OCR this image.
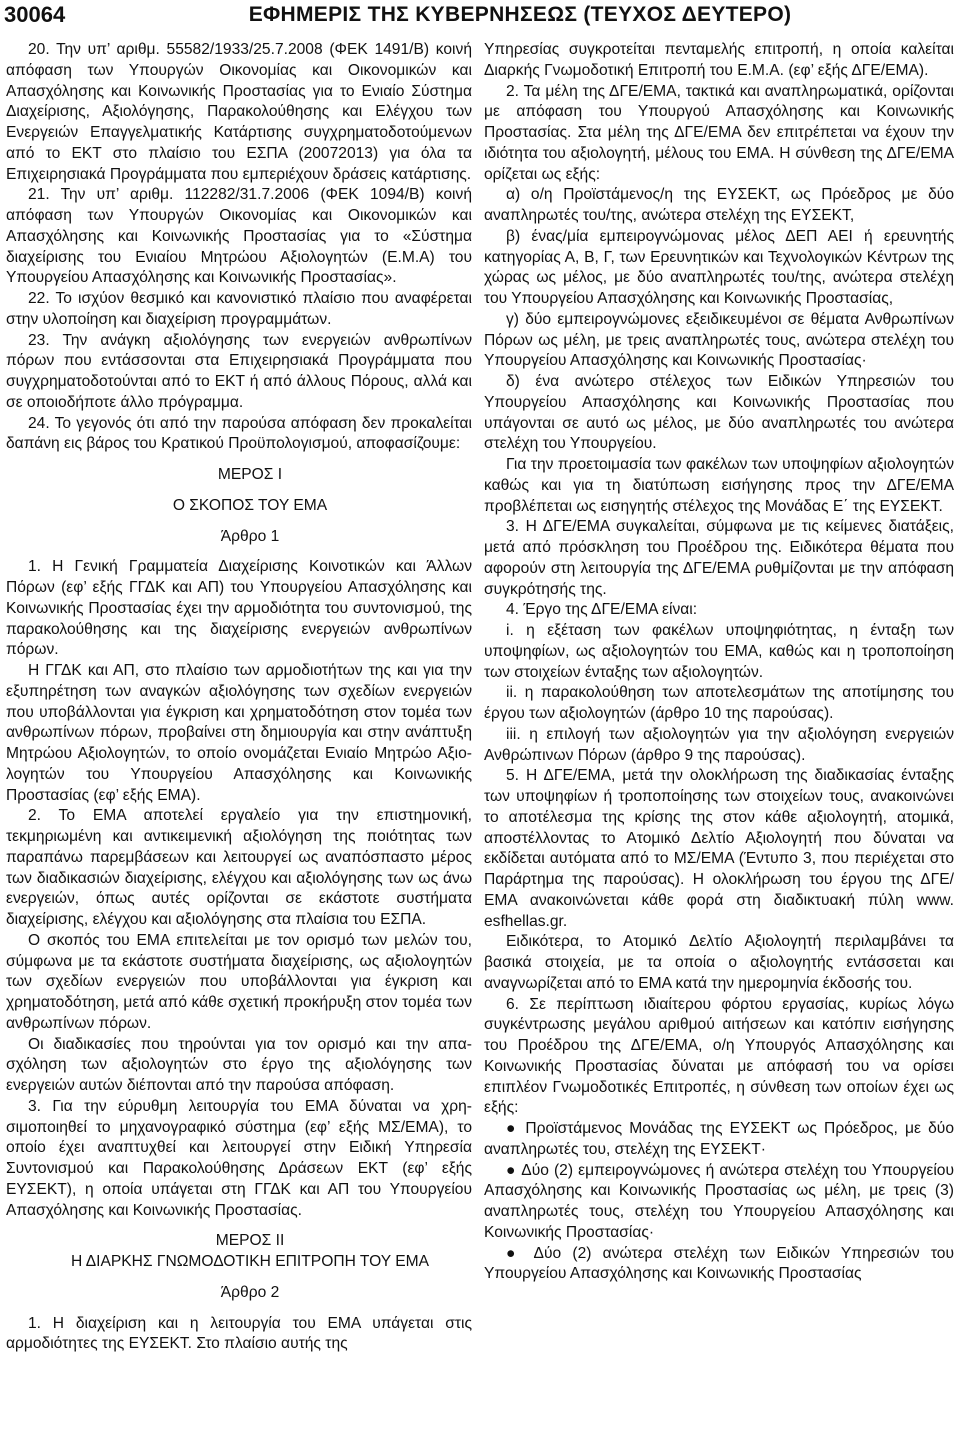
30064	ΕΦΗΜΕΡΙΣ ΤΗΣ ΚΥΒΕΡΝΗΣΕΩΣ (ΤΕΥΧΟΣ ΔΕΥΤΕΡΟ)

20. Την υπ’ αριθμ. 55582/1933/25.7.2008 (ΦΕΚ 1491/Β) κοινή απόφαση των Υπουργών Οικονομίας και Οικονομικών και Απασχόλησης και Κοινωνικής Προστασίας για το Ενιαίο Σύστημα Διαχείρισης, Αξιολόγησης, Παρακολούθησης και Ελέγχου των Ενεργειών Επαγγελματικής Κατάρτισης συγχρηματοδοτούμενων από το ΕΚΤ στο πλαίσιο του ΕΣΠΑ (20072013) για όλα τα Επιχειρησιακά Προγράμματα που εμπεριέχουν δράσεις κατάρτισης.

21. Την υπ’ αριθμ. 112282/31.7.2006 (ΦΕΚ 1094/Β) κοινή απόφαση των Υπουργών Οικονομίας και Οικονομικών και Απασχόλησης και Κοινωνικής Προστασίας για το «Σύστημα διαχείρισης του Ενιαίου Μητρώου Αξιολογητών (Ε.Μ.Α) του Υπουργείου Απασχόλησης και Κοινωνικής Προστασίας».

22. Το ισχύον θεσμικό και κανονιστικό πλαίσιο που αναφέρεται στην υλοποίηση και διαχείριση προγραμμάτων.

23. Την ανάγκη αξιολόγησης των ενεργειών ανθρωπίνων πόρων που εντάσσονται στα Επιχειρησιακά Προγράμματα που συγχρηματοδοτούνται από το ΕΚΤ ή από άλλους Πόρους, αλλά και σε οποιοδήποτε άλλο πρόγραμμα.

24. Το γεγονός ότι από την παρούσα απόφαση δεν προκαλείται δαπάνη εις βάρος του Κρατικού Προϋπολογισμού, αποφασίζουμε:

ΜΕΡΟΣ Ι

Ο ΣΚΟΠΟΣ ΤΟΥ ΕΜΑ

Άρθρο 1

1. Η Γενική Γραμματεία Διαχείρισης Κοινοτικών και Άλλων Πόρων (εφ’ εξής ΓΓΔΚ και ΑΠ) του Υπουργείου Απασχόλησης και Κοινωνικής Προστασίας έχει την αρμοδιότητα του συντονισμού, της παρακολούθησης και της διαχείρισης ενεργειών ανθρωπίνων πόρων.

Η ΓΓΔΚ και ΑΠ, στο πλαίσιο των αρμοδιοτήτων της και για την εξυπηρέτηση των αναγκών αξιολόγησης των σχεδίων ενεργειών που υποβάλλονται για έγκριση και χρηματοδότηση στον τομέα των ανθρωπίνων πόρων, προβαίνει στη δημιουργία και στην ανάπτυξη Μητρώου Αξιολογητών, το οποίο ονομάζεται Ενιαίο Μητρώο Αξιολογητών του Υπουργείου Απασχόλησης και Κοινωνικής Προστασίας (εφ’ εξής ΕΜΑ).

2. Το ΕΜΑ αποτελεί εργαλείο για την επιστημονική, τεκμηριωμένη και αντικειμενική αξιολόγηση της ποιότητας των παραπάνω παρεμβάσεων και λειτουργεί ως αναπόσπαστο μέρος των διαδικασιών διαχείρισης, ελέγχου και αξιολόγησης των ως άνω ενεργειών, όπως αυτές ορίζονται σε εκάστοτε συστήματα διαχείρισης, ελέγχου και αξιολόγησης στα πλαίσια του ΕΣΠΑ.

Ο σκοπός του ΕΜΑ επιτελείται με τον ορισμό των μελών του, σύμφωνα με τα εκάστοτε συστήματα διαχείρισης, ως αξιολογητών των σχεδίων ενεργειών που υποβάλλονται για έγκριση και χρηματοδότηση, μετά από κάθε σχετική προκήρυξη στον τομέα των ανθρωπίνων πόρων.

Οι διαδικασίες που τηρούνται για τον ορισμό και την απασχόληση των αξιολογητών στο έργο της αξιολόγησης των ενεργειών αυτών διέπονται από την παρούσα απόφαση.

3. Για την εύρυθμη λειτουργία του ΕΜΑ δύναται να χρησιμοποιηθεί το μηχανογραφικό σύστημα (εφ’ εξής ΜΣ/ΕΜΑ), το οποίο έχει αναπτυχθεί και λειτουργεί στην Ειδική Υπηρεσία Συντονισμού και Παρακολούθησης Δράσεων ΕΚΤ (εφ’ εξής ΕΥΣΕΚΤ), η οποία υπάγεται στη ΓΓΔΚ και ΑΠ του Υπουργείου Απασχόλησης και Κοινωνικής Προστασίας.

ΜΕΡΟΣ ΙΙ

Η ΔΙΑΡΚΗΣ ΓΝΩΜΟΔΟΤΙΚΗ ΕΠΙΤΡΟΠΗ ΤΟΥ ΕΜΑ

Άρθρο 2

1. Η διαχείριση και η λειτουργία του ΕΜΑ υπάγεται στις αρμοδιότητες της ΕΥΣΕΚΤ. Στο πλαίσιο αυτής της

Υπηρεσίας συγκροτείται πενταμελής επιτροπή, η οποία καλείται Διαρκής Γνωμοδοτική Επιτροπή του Ε.Μ.Α. (εφ’ εξής ΔΓΕ/ΕΜΑ).

2. Τα μέλη της ΔΓΕ/ΕΜΑ, τακτικά και αναπληρωματικά, ορίζονται με απόφαση του Υπουργού Απασχόλησης και Κοινωνικής Προστασίας. Στα μέλη της ΔΓΕ/ΕΜΑ δεν επιτρέπεται να έχουν την ιδιότητα του αξιολογητή, μέλους του ΕΜΑ. Η σύνθεση της ΔΓΕ/ΕΜΑ ορίζεται ως εξής:

α) ο/η Προϊστάμενος/η της ΕΥΣΕΚΤ, ως Πρόεδρος με δύο αναπληρωτές του/της, ανώτερα στελέχη της ΕΥΣΕΚΤ,

β) ένας/μία εμπειρογνώμονας μέλος ΔΕΠ ΑΕΙ ή ερευνητής κατηγορίας Α, Β, Γ, των Ερευνητικών και Τεχνολογικών Κέντρων της χώρας ως μέλος, με δύο αναπληρωτές του/της, ανώτερα στελέχη του Υπουργείου Απασχόλησης και Κοινωνικής Προστασίας,

γ) δύο εμπειρογνώμονες εξειδικευμένοι σε θέματα Ανθρωπίνων Πόρων ως μέλη, με τρεις αναπληρωτές τους, ανώτερα στελέχη του Υπουργείου Απασχόλησης και Κοινωνικής Προστασίας·

δ) ένα ανώτερο στέλεχος των Ειδικών Υπηρεσιών του Υπουργείου Απασχόλησης και Κοινωνικής Προστασίας που υπάγονται σε αυτό ως μέλος, με δύο αναπληρωτές του ανώτερα στελέχη του Υπουργείου.

Για την προετοιμασία των φακέλων των υποψηφίων αξιολογητών καθώς και για τη διατύπωση εισήγησης προς την ΔΓΕ/ΕΜΑ προβλέπεται ως εισηγητής στέλεχος της Μονάδας Ε΄ της ΕΥΣΕΚΤ.

3. Η ΔΓΕ/ΕΜΑ συγκαλείται, σύμφωνα με τις κείμενες διατάξεις, μετά από πρόσκληση του Προέδρου της. Ειδικότερα θέματα που αφορούν στη λειτουργία της ΔΓΕ/ΕΜΑ ρυθμίζονται με την απόφαση συγκρότησής της.

4. Έργο της ΔΓΕ/ΕΜΑ είναι:

i. η εξέταση των φακέλων υποψηφιότητας, η ένταξη των υποψηφίων, ως αξιολογητών του ΕΜΑ, καθώς και η τροποποίηση των στοιχείων ένταξης των αξιολογητών.

ii. η παρακολούθηση των αποτελεσμάτων της αποτίμησης του έργου των αξιολογητών (άρθρο 10 της παρούσας).

iii. η επιλογή των αξιολογητών για την αξιολόγηση ενεργειών Ανθρώπινων Πόρων (άρθρο 9 της παρούσας).

5. Η ΔΓΕ/ΕΜΑ, μετά την ολοκλήρωση της διαδικασίας ένταξης των υποψηφίων ή τροποποίησης των στοιχείων τους, ανακοινώνει το αποτέλεσμα της κρίσης της στον κάθε αξιολογητή, ατομικά, αποστέλλοντας το Ατομικό Δελτίο Αξιολογητή που δύναται να εκδίδεται αυτόματα από το ΜΣ/ΕΜΑ (Έντυπο 3, που περιέχεται στο Παράρτημα της παρούσας). Η ολοκλήρωση του έργου της ΔΓΕ/ΕΜΑ ανακοινώνεται κάθε φορά στη διαδικτυακή πύλη www. esfhellas.gr.

Ειδικότερα, το Ατομικό Δελτίο Αξιολογητή περιλαμβάνει τα βασικά στοιχεία, με τα οποία ο αξιολογητής εντάσσεται και αναγνωρίζεται από το ΕΜΑ κατά την ημερομηνία έκδοσής του.

6. Σε περίπτωση ιδιαίτερου φόρτου εργασίας, κυρίως λόγω συγκέντρωσης μεγάλου αριθμού αιτήσεων και κατόπιν εισήγησης του Προέδρου της ΔΓΕ/ΕΜΑ, ο/η Υπουργός Απασχόλησης και Κοινωνικής Προστασίας δύναται με απόφασή του να ορίσει επιπλέον Γνωμοδοτικές Επιτροπές, η σύνθεση των οποίων έχει ως εξής:

● Προϊστάμενος Μονάδας της ΕΥΣΕΚΤ ως Πρόεδρος, με δύο αναπληρωτές του, στελέχη της ΕΥΣΕΚΤ·

● Δύο (2) εμπειρογνώμονες ή ανώτερα στελέχη του Υπουργείου Απασχόλησης και Κοινωνικής Προστασίας ως μέλη, με τρεις (3) αναπληρωτές τους, στελέχη του Υπουργείου Απασχόλησης και Κοινωνικής Προστασίας·

● Δύο (2) ανώτερα στελέχη των Ειδικών Υπηρεσιών του Υπουργείου Απασχόλησης και Κοινωνικής Προστασίας
